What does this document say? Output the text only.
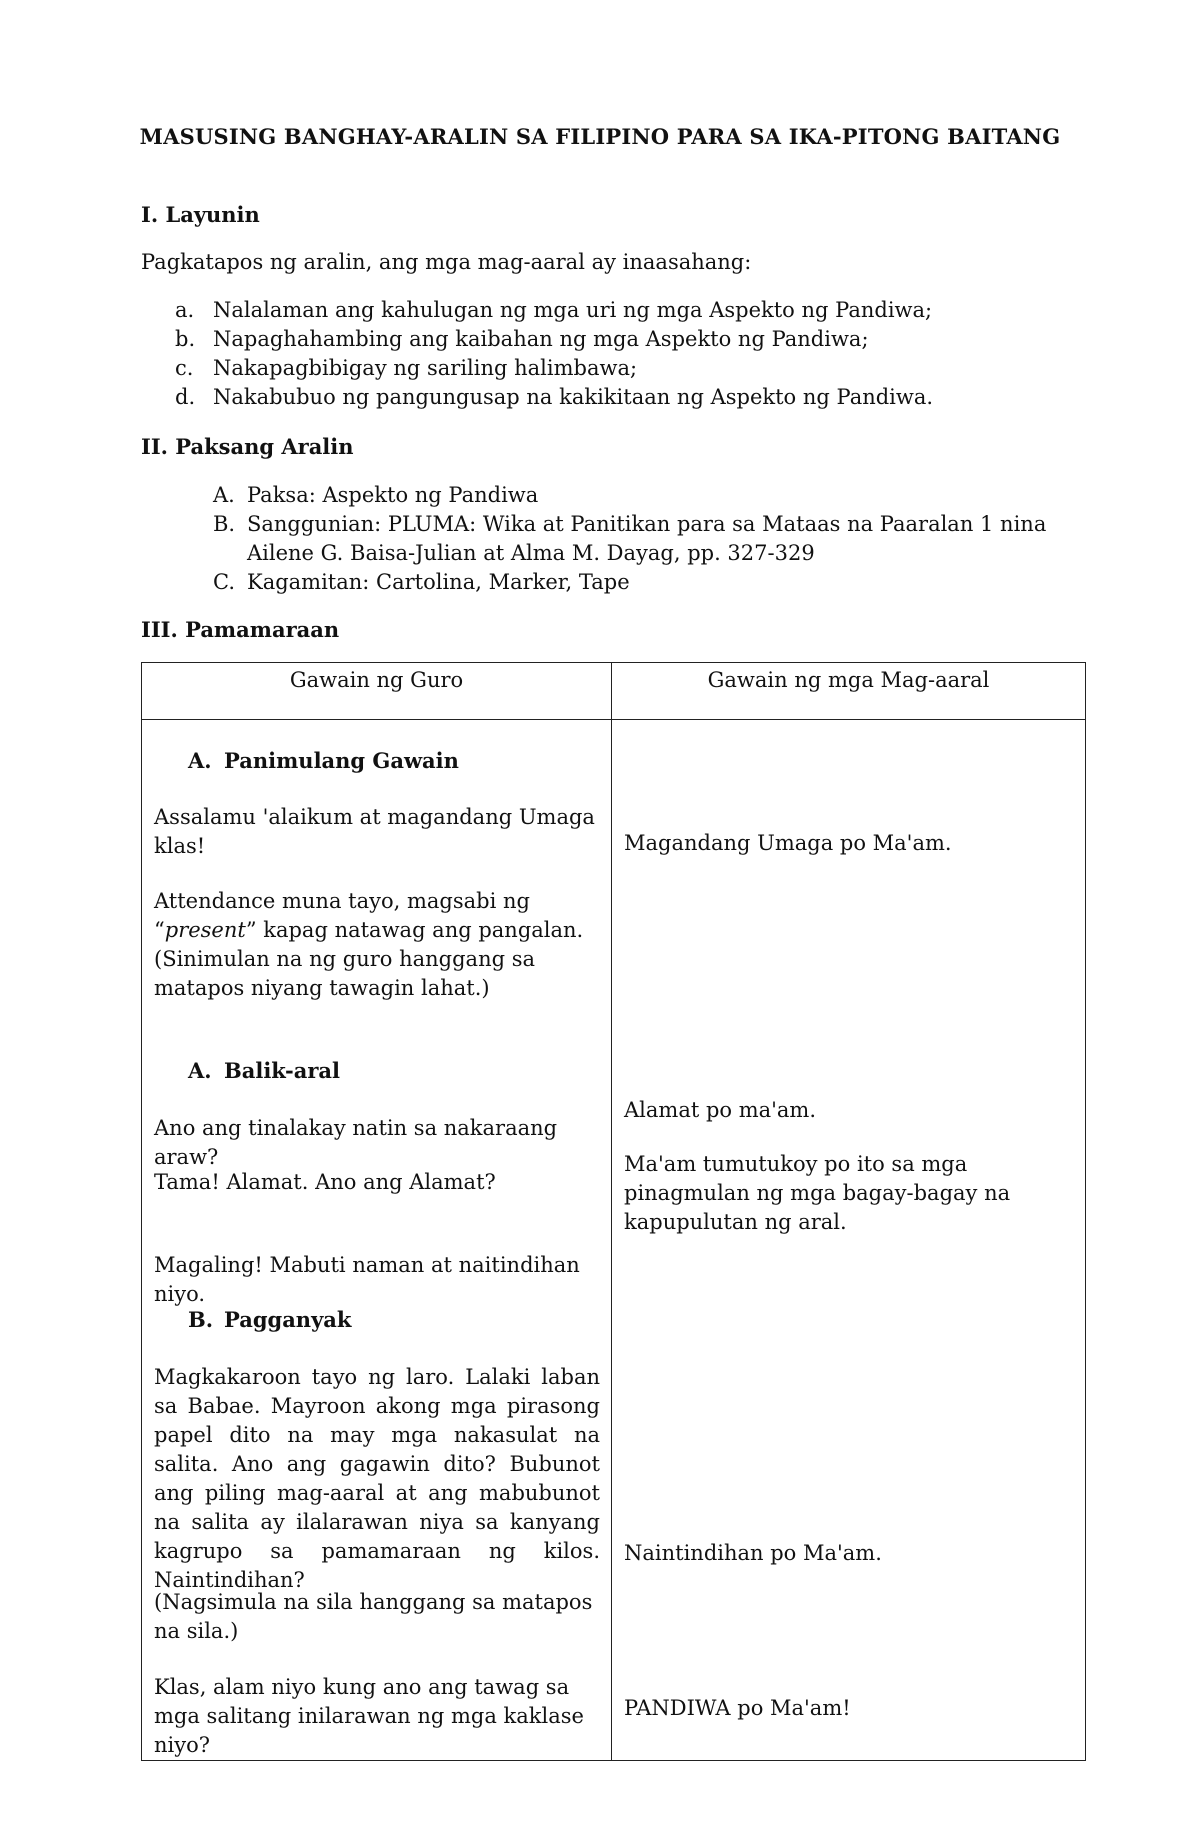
MASUSING BANGHAY-ARALIN SA FILIPINO PARA SA IKA-PITONG BAITANG
I. Layunin
Pagkatapos ng aralin, ang mga mag-aaral ay inaasahang:
a. Nalalaman ang kahulugan ng mga uri ng mga Aspekto ng Pandiwa;
b. Napaghahambing ang kaibahan ng mga Aspekto ng Pandiwa;
c. Nakapagbibigay ng sariling halimbawa;
d. Nakabubuo ng pangungusap na kakikitaan ng Aspekto ng Pandiwa.
II. Paksang Aralin
A. Paksa: Aspekto ng Pandiwa
B. Sanggunian: PLUMA: Wika at Panitikan para sa Mataas na Paaralan 1 nina Ailene G. Baisa-Julian at Alma M. Dayag, pp. 327-329
C. Kagamitan: Cartolina, Marker, Tape
III. Pamamaraan
Gawain ng Guro	Gawain ng mga Mag-aaral
A. Panimulang Gawain
Assalamu 'alaikum at magandang Umaga klas!
Attendance muna tayo, magsabi ng “present” kapag natawag ang pangalan.
(Sinimulan na ng guro hanggang sa matapos niyang tawagin lahat.)
A. Balik-aral
Ano ang tinalakay natin sa nakaraang araw?
Tama! Alamat. Ano ang Alamat?
Magaling! Mabuti naman at naitindihan niyo.
B. Pagganyak
Magkakaroon tayo ng laro. Lalaki laban sa Babae. Mayroon akong mga pirasong papel dito na may mga nakasulat na salita. Ano ang gagawin dito? Bubunot ang piling mag-aaral at ang mabubunot na salita ay ilalarawan niya sa kanyang kagrupo sa pamamaraan ng kilos. Naintindihan?
(Nagsimula na sila hanggang sa matapos na sila.)
Klas, alam niyo kung ano ang tawag sa mga salitang inilarawan ng mga kaklase niyo?
Magandang Umaga po Ma'am.
Alamat po ma'am.
Ma'am tumutukoy po ito sa mga pinagmulan ng mga bagay-bagay na kapupulutan ng aral.
Naintindihan po Ma'am.
PANDIWA po Ma'am!
